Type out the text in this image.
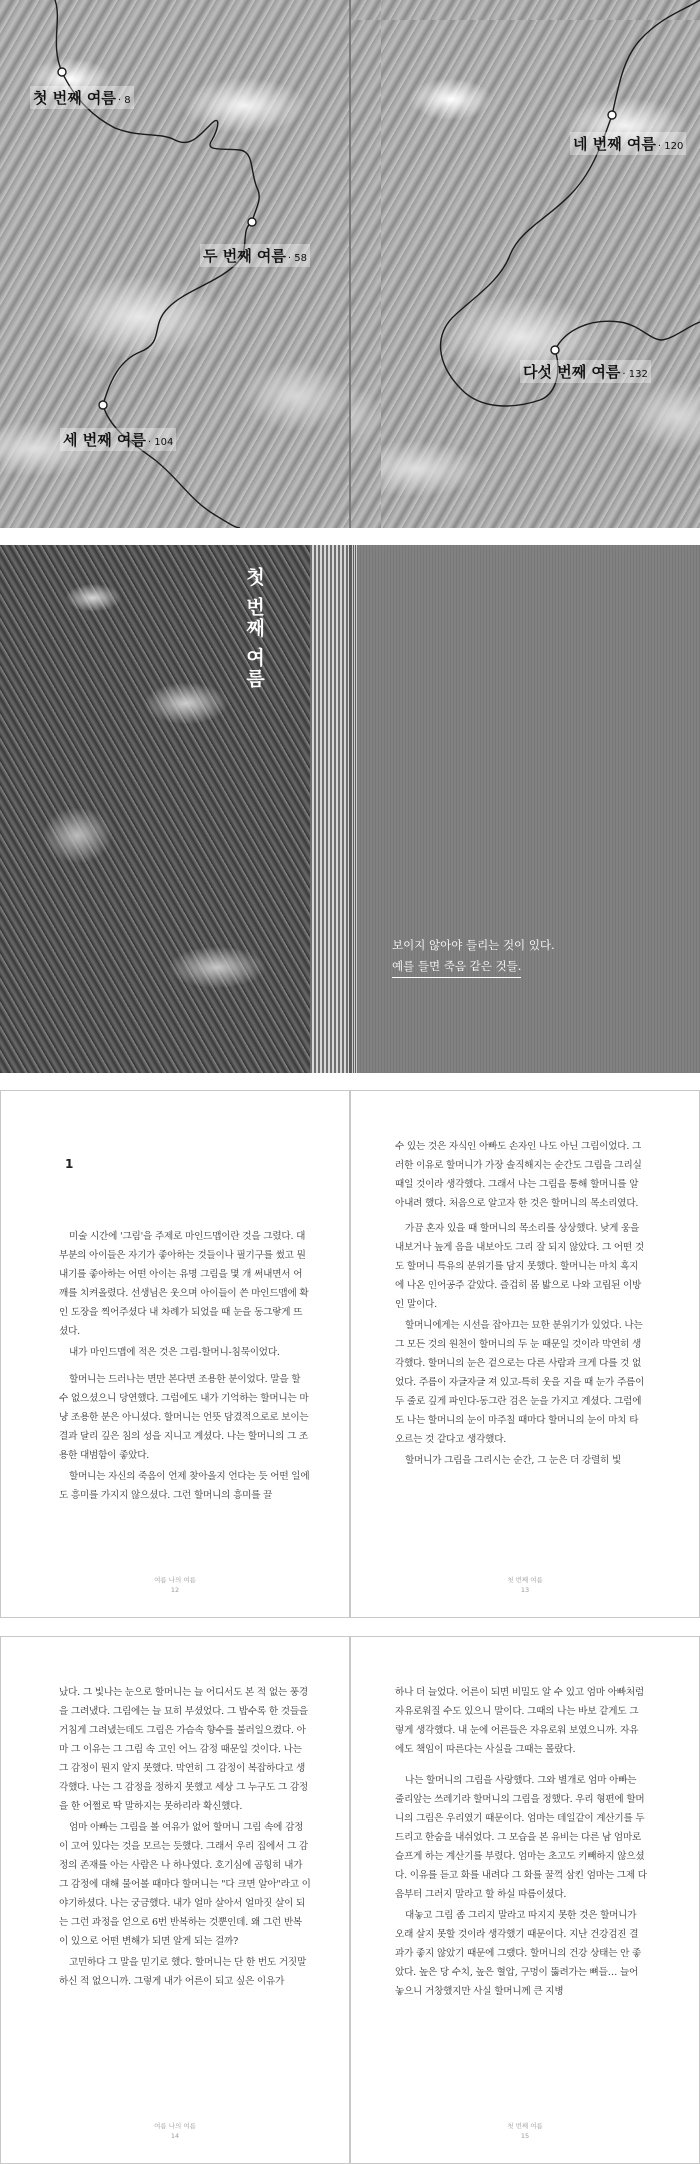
첫 번째 여름 · 8
두 번째 여름 · 58
세 번째 여름 · 104
네 번째 여름 · 120
다섯 번째 여름 · 132
첫 번째 여름
보이지 않아야 들리는 것이 있다.
예를 들면 죽음 같은 것들.
1

미술 시간에 '그림'을 주제로 마인드맵이란 것을 그렸다. 대부분의 아이들은 자기가 좋아하는 것들이나 필기구를 썼고 뭔내기를 좋아하는 어떤 아이는 유명 그림을 몇 개 써내면서 어깨를 치켜올렸다. 선생님은 웃으며 아이들이 쓴 마인드맵에 확인 도장을 찍어주셨다 내 차례가 되었을 때 눈을 동그랗게 뜨셨다.

내가 마인드맵에 적은 것은 그림-할머니-침묵이었다.

할머니는 드러나는 면만 본다면 조용한 분이었다. 말을 할 수 없으셨으니 당연했다. 그럼에도 내가 기억하는 할머니는 마냥 조용한 분은 아니셨다. 할머니는 언뜻 담겼적으로로 보이는 결과 달리 깊은 침의 성을 지니고 계셨다. 나는 할머니의 그 조용한 대범함이 좋았다.

할머니는 자신의 죽음이 언제 찾아올지 언다는 듯 어떤 일에도 흥미를 가지지 않으셨다. 그런 할머니의 흥미를 끌

여름 나의 여름
12

수 있는 것은 자식인 아빠도 손자인 나도 아닌 그림이었다. 그러한 이유로 할머니가 가장 솔직해지는 순간도 그림을 그리실 때일 것이라 생각했다. 그래서 나는 그림을 통해 할머니를 알아내려 했다. 처음으로 알고자 한 것은 할머니의 목소리였다.

가끔 혼자 있을 때 할머니의 목소리를 상상했다. 낮게 웅을 내보거나 높게 음을 내보아도 그리 잘 되지 않았다. 그 어떤 것도 할머니 특유의 분위기를 담지 못했다. 할머니는 마치 흑지에 나온 인어공주 같았다. 즐겁히 몸 밟으로 나와 고립된 이방인 말이다.

할머니에게는 시선을 잡아끄는 묘한 분위기가 있었다. 나는 그 모든 것의 원천이 할머니의 두 눈 때문일 것이라 막연히 생각했다. 할머니의 눈은 겉으로는 다른 사람과 크게 다를 것 없었다. 주름이 자글자글 져 있고-특히 웃을 지을 때 눈가 주름이 두 줄로 깊게 파인다-동그란 검은 눈을 가지고 계셨다. 그럼에도 나는 할머니의 눈이 마주칠 때마다 할머니의 눈이 마치 타오르는 것 같다고 생각했다.

할머니가 그림을 그리시는 순간, 그 눈은 더 강렬히 빛

첫 번째 여름
13

났다. 그 빛나는 눈으로 할머니는 늘 어디서도 본 적 없는 풍경을 그려냈다. 그림에는 늘 묘히 부셨었다. 그 밥수록 한 것들을 거침게 그려냈는데도 그림은 가슴속 향수를 불러일으켰다. 아마 그 이유는 그 그림 속 고인 어느 감정 때문일 것이다. 나는 그 감정이 뭔지 알지 못했다. 막연히 그 감정이 복잡하다고 생각했다. 나는 그 감정을 정하지 못했고 세상 그 누구도 그 감정을 한 어쩔로 딱 말하지는 못하리라 확신했다.

엄마 아빠는 그림을 볼 여유가 없어 할머니 그림 속에 감정이 고여 있다는 것을 모르는 듯했다. 그래서 우리 집에서 그 감정의 존재를 아는 사람은 나 하나였다. 호기심에 곰힝히 내가 그 감정에 대해 물어볼 때마다 할머니는 "다 크면 알아"라고 이야기하셨다. 나는 궁금했다. 내가 얼마 살아서 얼마짓 살이 되는 그런 과정을 얻으로 6번 반복하는 것뿐인데. 왜 그런 반복이 있으로 어떤 변해가 되면 알게 되는 걸까?

고민하다 그 말을 믿기로 했다. 할머니는 단 한 번도 거짓말하신 적 없으니까. 그렇게 내가 어른이 되고 싶은 이유가

여름 나의 여름
14

하나 더 늘었다. 어른이 되면 비밀도 알 수 있고 엄마 아빠처럼 자유로워질 수도 있으니 말이다. 그때의 나는 바보 같게도 그렇게 생각했다. 내 눈에 어른들은 자유로워 보였으니까. 자유에도 책임이 따른다는 사실을 그때는 몰랐다.

나는 할머니의 그림을 사랑했다. 그와 별개로 엄마 아빠는 줄리앞는 쓰레기라 할머니의 그림을 정했다. 우리 형편에 할머니의 그림은 우리였기 때문이다. 엄마는 데일같이 계산기를 두드리고 한숨을 내쉬었다. 그 모습을 본 유비는 다른 남 엄마로 슬프게 하는 계산기를 부렸다. 엄마는 초고도 키빼하지 않으셨다. 이유를 듣고 화를 내려다 그 화를 꿀꺽 삼킨 엄마는 그제 다음부터 그러지 말라고 할 하실 따름이셨다.

대놓고 그림 좀 그리지 말라고 따지지 못한 것은 할머니가 오래 살지 못할 것이라 생각했기 때문이다. 지난 건강검진 결과가 좋지 않았기 때문에 그랬다. 할머니의 건강 상태는 안 좋았다. 높은 당 수치, 높은 혈압, 구멍이 뚫려가는 뼈들… 늘어 놓으니 거창했지만 사실 할머니께 큰 지병

첫 번째 여름
15
